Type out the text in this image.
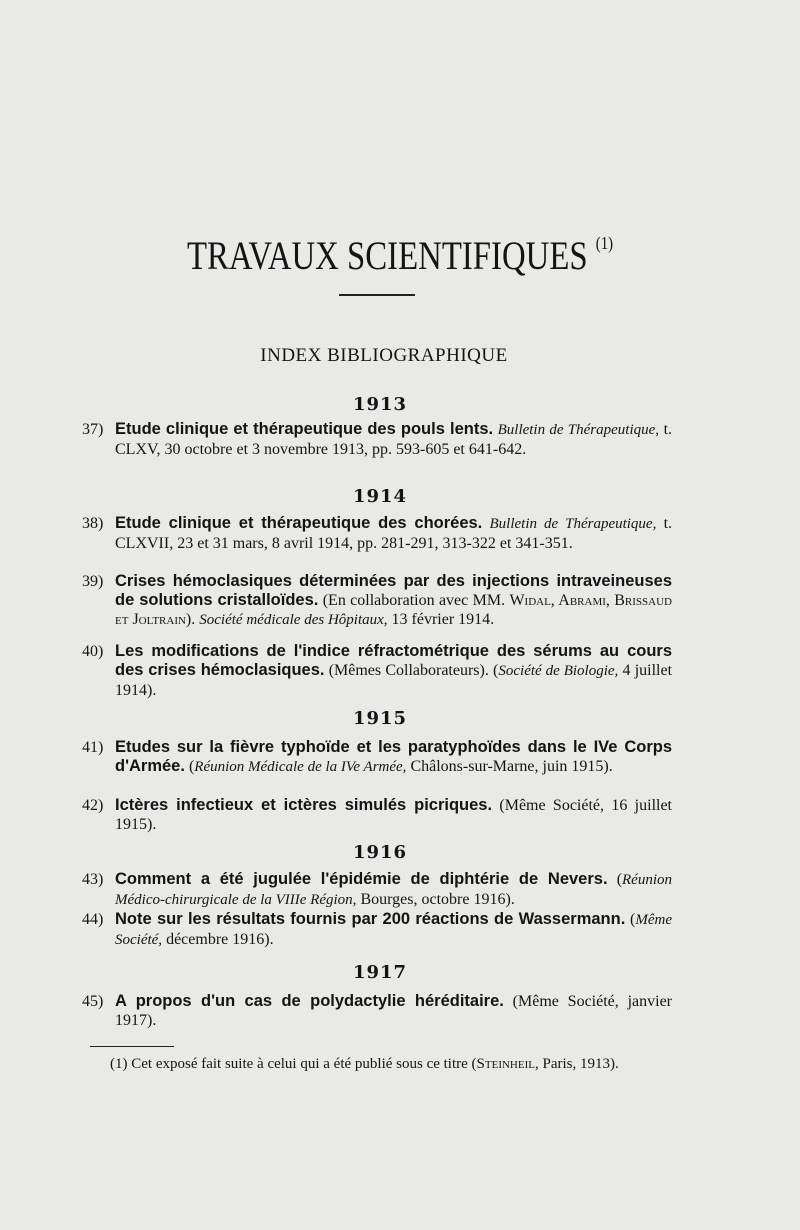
TRAVAUX SCIENTIFIQUES $^{(1)}$
INDEX BIBLIOGRAPHIQUE
1913
37) Etude clinique et thérapeutique des pouls lents. Bulletin de Thérapeutique, t. CLXV, 30 octobre et 3 novembre 1913, pp. 593-605 et 641-642.
1914
38) Etude clinique et thérapeutique des chorées. Bulletin de Thérapeutique, t. CLXVII, 23 et 31 mars, 8 avril 1914, pp. 281-291, 313-322 et 341-351.
39) Crises hémoclasiques déterminées par des injections intraveineuses de solutions cristalloïdes. (En collaboration avec MM. Widal, Abrami, Brissaud et Joltrain). Société médicale des Hôpitaux, 13 février 1914.
40) Les modifications de l'indice réfractométrique des sérums au cours des crises hémoclasiques. (Mêmes Collaborateurs). (Société de Biologie, 4 juillet 1914).
1915
41) Etudes sur la fièvre typhoïde et les paratyphoïdes dans le IVe Corps d'Armée. (Réunion Médicale de la IVe Armée, Châlons-sur-Marne, juin 1915).
42) Ictères infectieux et ictères simulés picriques. (Même Société, 16 juillet 1915).
1916
43) Comment a été jugulée l'épidémie de diphtérie de Nevers. (Réunion Médico-chirurgicale de la VIIIe Région, Bourges, octobre 1916).
44) Note sur les résultats fournis par 200 réactions de Wassermann. (Même Société, décembre 1916).
1917
45) A propos d'un cas de polydactylie héréditaire. (Même Société, janvier 1917).
(1) Cet exposé fait suite à celui qui a été publié sous ce titre (Steinheil, Paris, 1913).
